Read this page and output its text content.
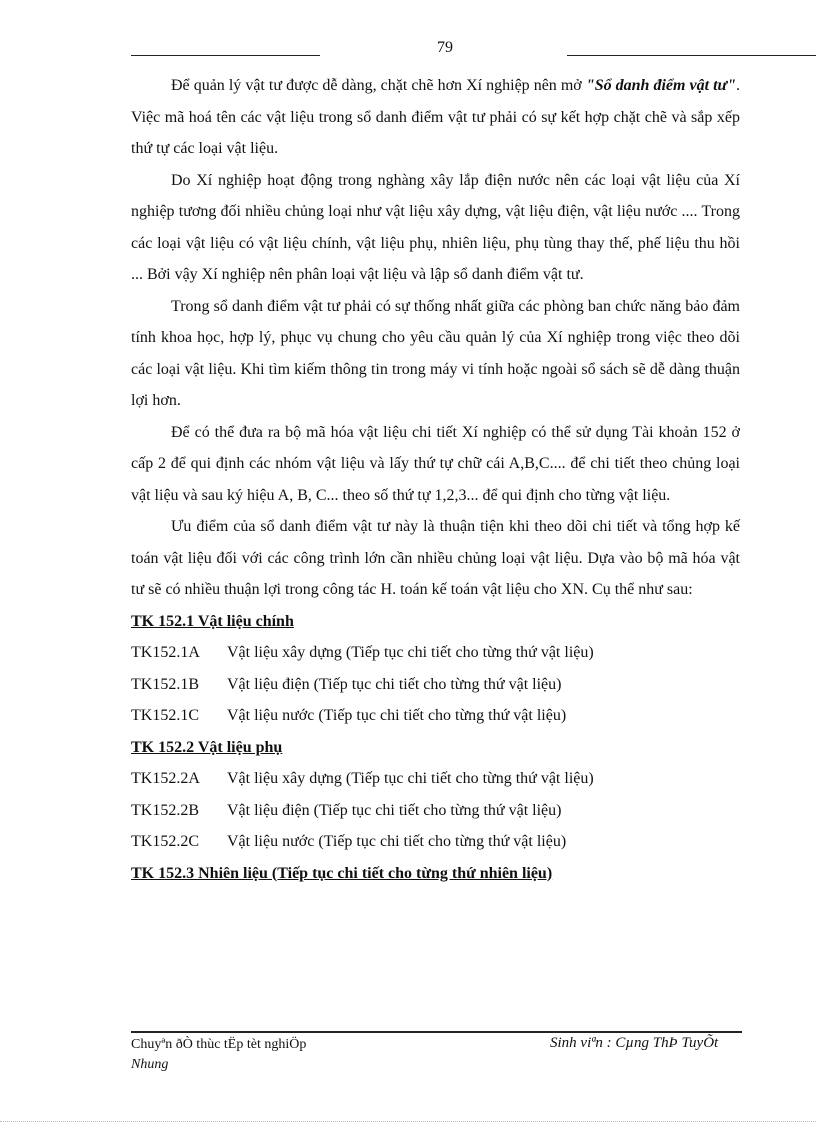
79

Để quản lý vật tư được dễ dàng, chặt chẽ hơn Xí nghiệp nên mở "Sổ danh điểm vật tư". Việc mã hoá tên các vật liệu trong sổ danh điểm vật tư phải có sự kết hợp chặt chẽ và sắp xếp thứ tự các loại vật liệu.

Do Xí nghiệp hoạt động trong nghàng xây lắp điện nước nên các loại vật liệu của Xí nghiệp tương đối nhiều chủng loại như vật liệu xây dựng, vật liệu điện, vật liệu nước .... Trong các loại vật liệu có vật liệu chính, vật liệu phụ, nhiên liệu, phụ tùng thay thế, phế liệu thu hồi ... Bởi vậy Xí nghiệp nên phân loại vật liệu và lập sổ danh điểm vật tư.

Trong sổ danh điểm vật tư phải có sự thống nhất giữa các phòng ban chức năng bảo đảm tính khoa học, hợp lý, phục vụ chung cho yêu cầu quản lý của Xí nghiệp trong việc theo dõi các loại vật liệu. Khi tìm kiếm thông tin trong máy vi tính hoặc ngoài sổ sách sẽ dễ dàng thuận lợi hơn.

Để có thể đưa ra bộ mã hóa vật liệu chi tiết Xí nghiệp có thể sử dụng Tài khoản 152 ở cấp 2 để qui định các nhóm vật liệu và lấy thứ tự chữ cái A,B,C.... để chi tiết theo chủng loại vật liệu và sau ký hiệu A, B, C... theo số thứ tự 1,2,3... để qui định cho từng vật liệu.

Ưu điểm của sổ danh điểm vật tư này là thuận tiện khi theo dõi chi tiết và tổng hợp kế toán vật liệu đối với các công trình lớn cần nhiều chủng loại vật liệu. Dựa vào bộ mã hóa vật tư sẽ có nhiều thuận lợi trong công tác H. toán kế toán vật liệu cho XN. Cụ thể như sau:

TK 152.1 Vật liệu chính

TK152.1A	Vật liệu xây dựng (Tiếp tục chi tiết cho từng thứ vật liệu)
TK152.1B	Vật liệu điện (Tiếp tục chi tiết cho từng thứ vật liệu)
TK152.1C	Vật liệu nước (Tiếp tục chi tiết cho từng thứ vật liệu)

TK 152.2 Vật liệu phụ

TK152.2A	Vật liệu xây dựng (Tiếp tục chi tiết cho từng thứ vật liệu)
TK152.2B	Vật liệu điện (Tiếp tục chi tiết cho từng thứ vật liệu)
TK152.2C	Vật liệu nước (Tiếp tục chi tiết cho từng thứ vật liệu)

TK 152.3 Nhiên liệu (Tiếp tục chi tiết cho từng thứ nhiên liệu)

Chuyªn ðÒ thùc tËp tèt nghiÖp
Nhung
Sinh viªn : Cµng ThÞ TuyÕt
